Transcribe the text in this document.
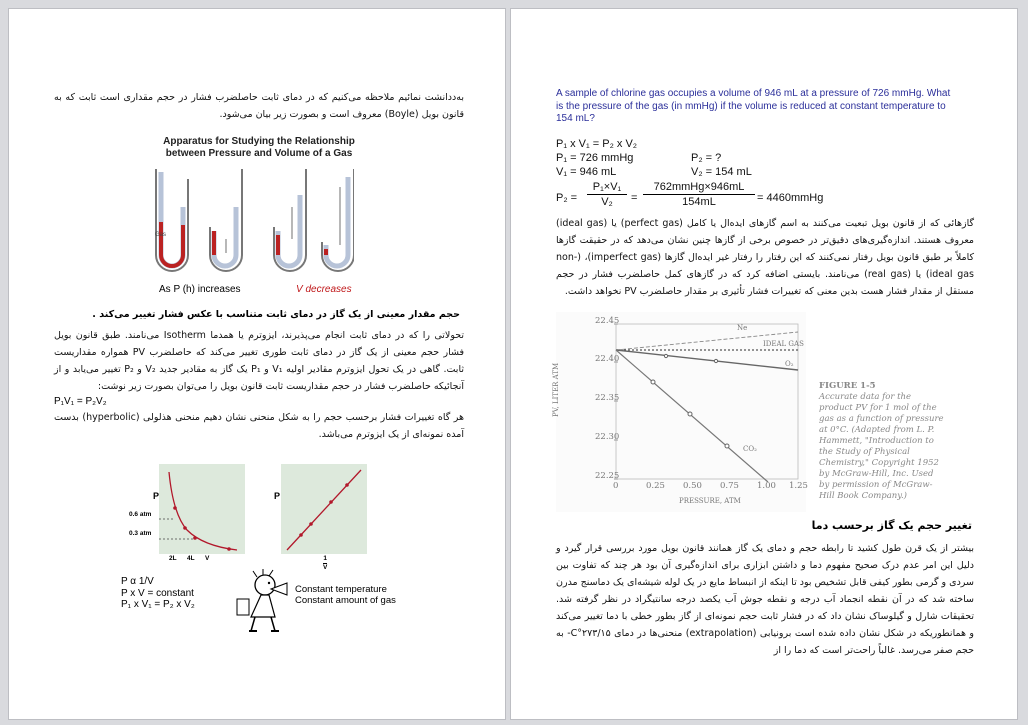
بەددانشت نمائيم ملاحظه می‌کنیم که در دمای ثابت حاصلضرب فشار در حجم مقداری است ثابت که به قانون بویل (Boyle) معروف است و بصورت زیر بیان می‌شود.
Apparatus for Studying the Relationship
between Pressure and Volume of a Gas
Gas
As P (h) increases	V decreases
حجم مقدار معینی از یک گاز در دمای ثابت متناسب با عکس فشار تغییر می‌کند .
تحولاتی را که در دمای ثابت انجام می‌پذیرند، ایزوترم یا همدما Isotherm می‌نامند. طبق قانون بویل فشار حجم معینی از یک گاز در دمای ثابت طوری تغییر می‌کند که حاصلضرب PV همواره مقداریست ثابت. گاهی در یک تحول ایزوترم مقادیر اولیه V₁ و P₁ یک گاز به مقادیر جدید V₂ و P₂ تغییر می‌یابد و از آنجائیکه حاصلضرب فشار در حجم مقداریست ثابت قانون بویل را می‌توان بصورت زیر نوشت:
P₁V₁ = P₂V₂
هر گاه تغییرات فشار برحسب حجم را به شکل منحنی نشان دهیم منحنی هذلولی (hyperbolic) بدست آمده نمونه‌ای از یک ایزوترم می‌باشد.
P
0.6 atm
0.3 atm
2L 4L V
P
$\frac{1}{V}$
P α 1/V
P x V = constant
P₁ x V₁ = P₂ x V₂
Constant temperature
Constant amount of gas
A sample of chlorine gas occupies a volume of 946 mL at a pressure of 726 mmHg. What is the pressure of the gas (in mmHg) if the volume is reduced at constant temperature to 154 mL?
P₁ x V₁ = P₂ x V₂
P₁ = 726 mmHg	P₂ = ?
V₁ = 946 mL	V₂ = 154 mL
$P_2 = \frac{\text{P₁×V₁}}{\text{V₂}}$ =
762mmHg×946mL
154mL	= 4460mmHg
گازهائی که از قانون بویل تبعیت می‌کنند به اسم گازهای ایده‌ال یا کامل (perfect gas) یا (ideal gas) معروف هستند. اندازه‌گیری‌های دقیق‌تر در خصوص برخی از گازها چنین نشان می‌دهد که در حقیقت گازها کاملاً بر طبق قانون بویل رفتار نمی‌کنند که این رفتار را رفتار غیر ایده‌ال گازها (imperfect gas)، (non-ideal gas) یا (real gas) می‌نامند. بایستی اضافه کرد که در گازهای کمل حاصلضرب فشار در حجم مستقل از مقدار فشار هست بدین معنی که تغییرات فشار تأثیری بر مقدار حاصلضرب PV نخواهد داشت.
22.45
22.40
22.35
22.30
22.25
0	0.25 0.50 0.75 1.00 1.25
PV, LITER ATM
PRESSURE, ATM
Ne
IDEAL GAS
O₂
CO₂
FIGURE 1-5
Accurate data for the product PV for 1 mol of the gas as a function of pressure at 0°C. (Adapted from L. P. Hammett, "Introduction to the Study of Physical Chemistry," Copyright 1952 by McGraw-Hill, Inc. Used by permission of McGraw-Hill Book Company.)
تغییر حجم یک گاز برحسب دما
بیشتر از یک قرن طول کشید تا رابطه حجم و دمای یک گاز همانند قانون بویل مورد بررسی قرار گیرد و دلیل این امر عدم درک صحیح مفهوم دما و داشتن ابزاری برای اندازه‌گیری آن بود هر چند که تفاوت بین سردی و گرمی بطور کیفی قابل تشخیص بود تا اینکه از انبساط مایع در یک لوله شیشه‌ای یک دماسنج مدرن ساخته شد که در آن نقطه انجماد آب درجه و نقطه جوش آب یکصد درجه سانتیگراد در نظر گرفته شد. تحقیقات شارل و گیلوساک نشان داد که در فشار ثابت حجم نمونه‌ای از گاز بطور خطی با دما تغییر می‌کند و همانطوریکه در شکل نشان داده شده است برونیابی (extrapolation) منحنی‌ها در دمای ۲۷۳/۱۵°C- به حجم صفر می‌رسد. غالباً راحت‌تر است که دما را از
